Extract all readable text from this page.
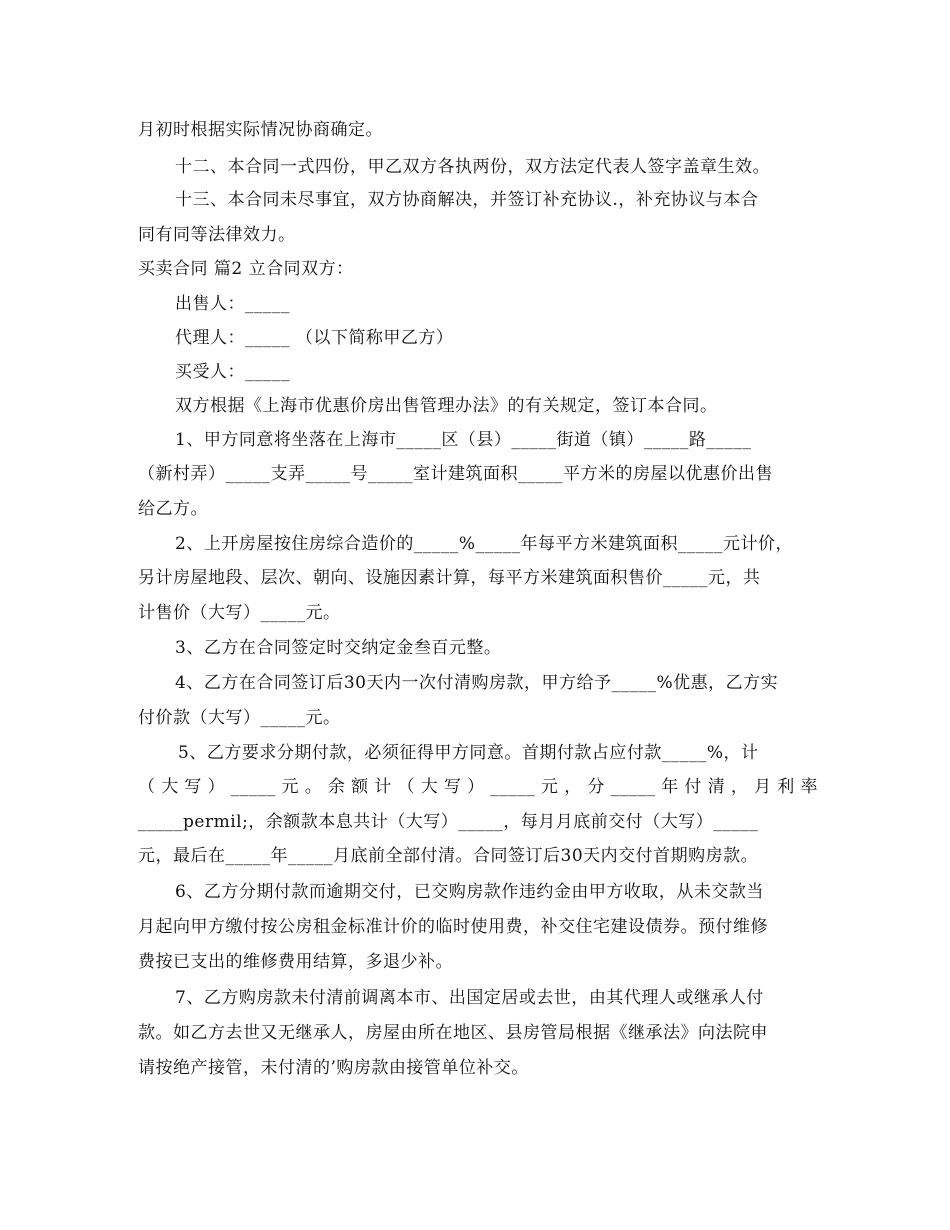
月初时根据实际情况协商确定。
十二、本合同一式四份，甲乙双方各执两份，双方法定代表人签字盖章生效。
十三、本合同未尽事宜，双方协商解决，并签订补充协议.，补充协议与本合
同有同等法律效力。
买卖合同 篇2 立合同双方：
出售人：_____
代理人：_____ （以下简称甲乙方）
买受人：_____
双方根据《上海市优惠价房出售管理办法》的有关规定，签订本合同。
1、甲方同意将坐落在上海市_____区（县）_____街道（镇）_____路_____
（新村弄）_____支弄_____号_____室计建筑面积_____平方米的房屋以优惠价出售
给乙方。
2、上开房屋按住房综合造价的_____%_____年每平方米建筑面积_____元计价，
另计房屋地段、层次、朝向、设施因素计算，每平方米建筑面积售价_____元，共
计售价（大写）_____元。
3、乙方在合同签定时交纳定金叁百元整。
4、乙方在合同签订后30天内一次付清购房款，甲方给予_____%优惠，乙方实
付价款（大写）_____元。
5、乙方要求分期付款，必须征得甲方同意。首期付款占应付款_____%，计
（大写）_____元。余额计（大写）_____元，分_____年付清，月利率
_____permil;，余额款本息共计（大写）_____，每月月底前交付（大写）_____
元，最后在_____年_____月底前全部付清。合同签订后30天内交付首期购房款。
6、乙方分期付款而逾期交付，已交购房款作违约金由甲方收取，从未交款当
月起向甲方缴付按公房租金标准计价的临时使用费，补交住宅建设债券。预付维修
费按已支出的维修费用结算，多退少补。
7、乙方购房款未付清前调离本市、出国定居或去世，由其代理人或继承人付
款。如乙方去世又无继承人，房屋由所在地区、县房管局根据《继承法》向法院申
请按绝产接管，未付清的’购房款由接管单位补交。
